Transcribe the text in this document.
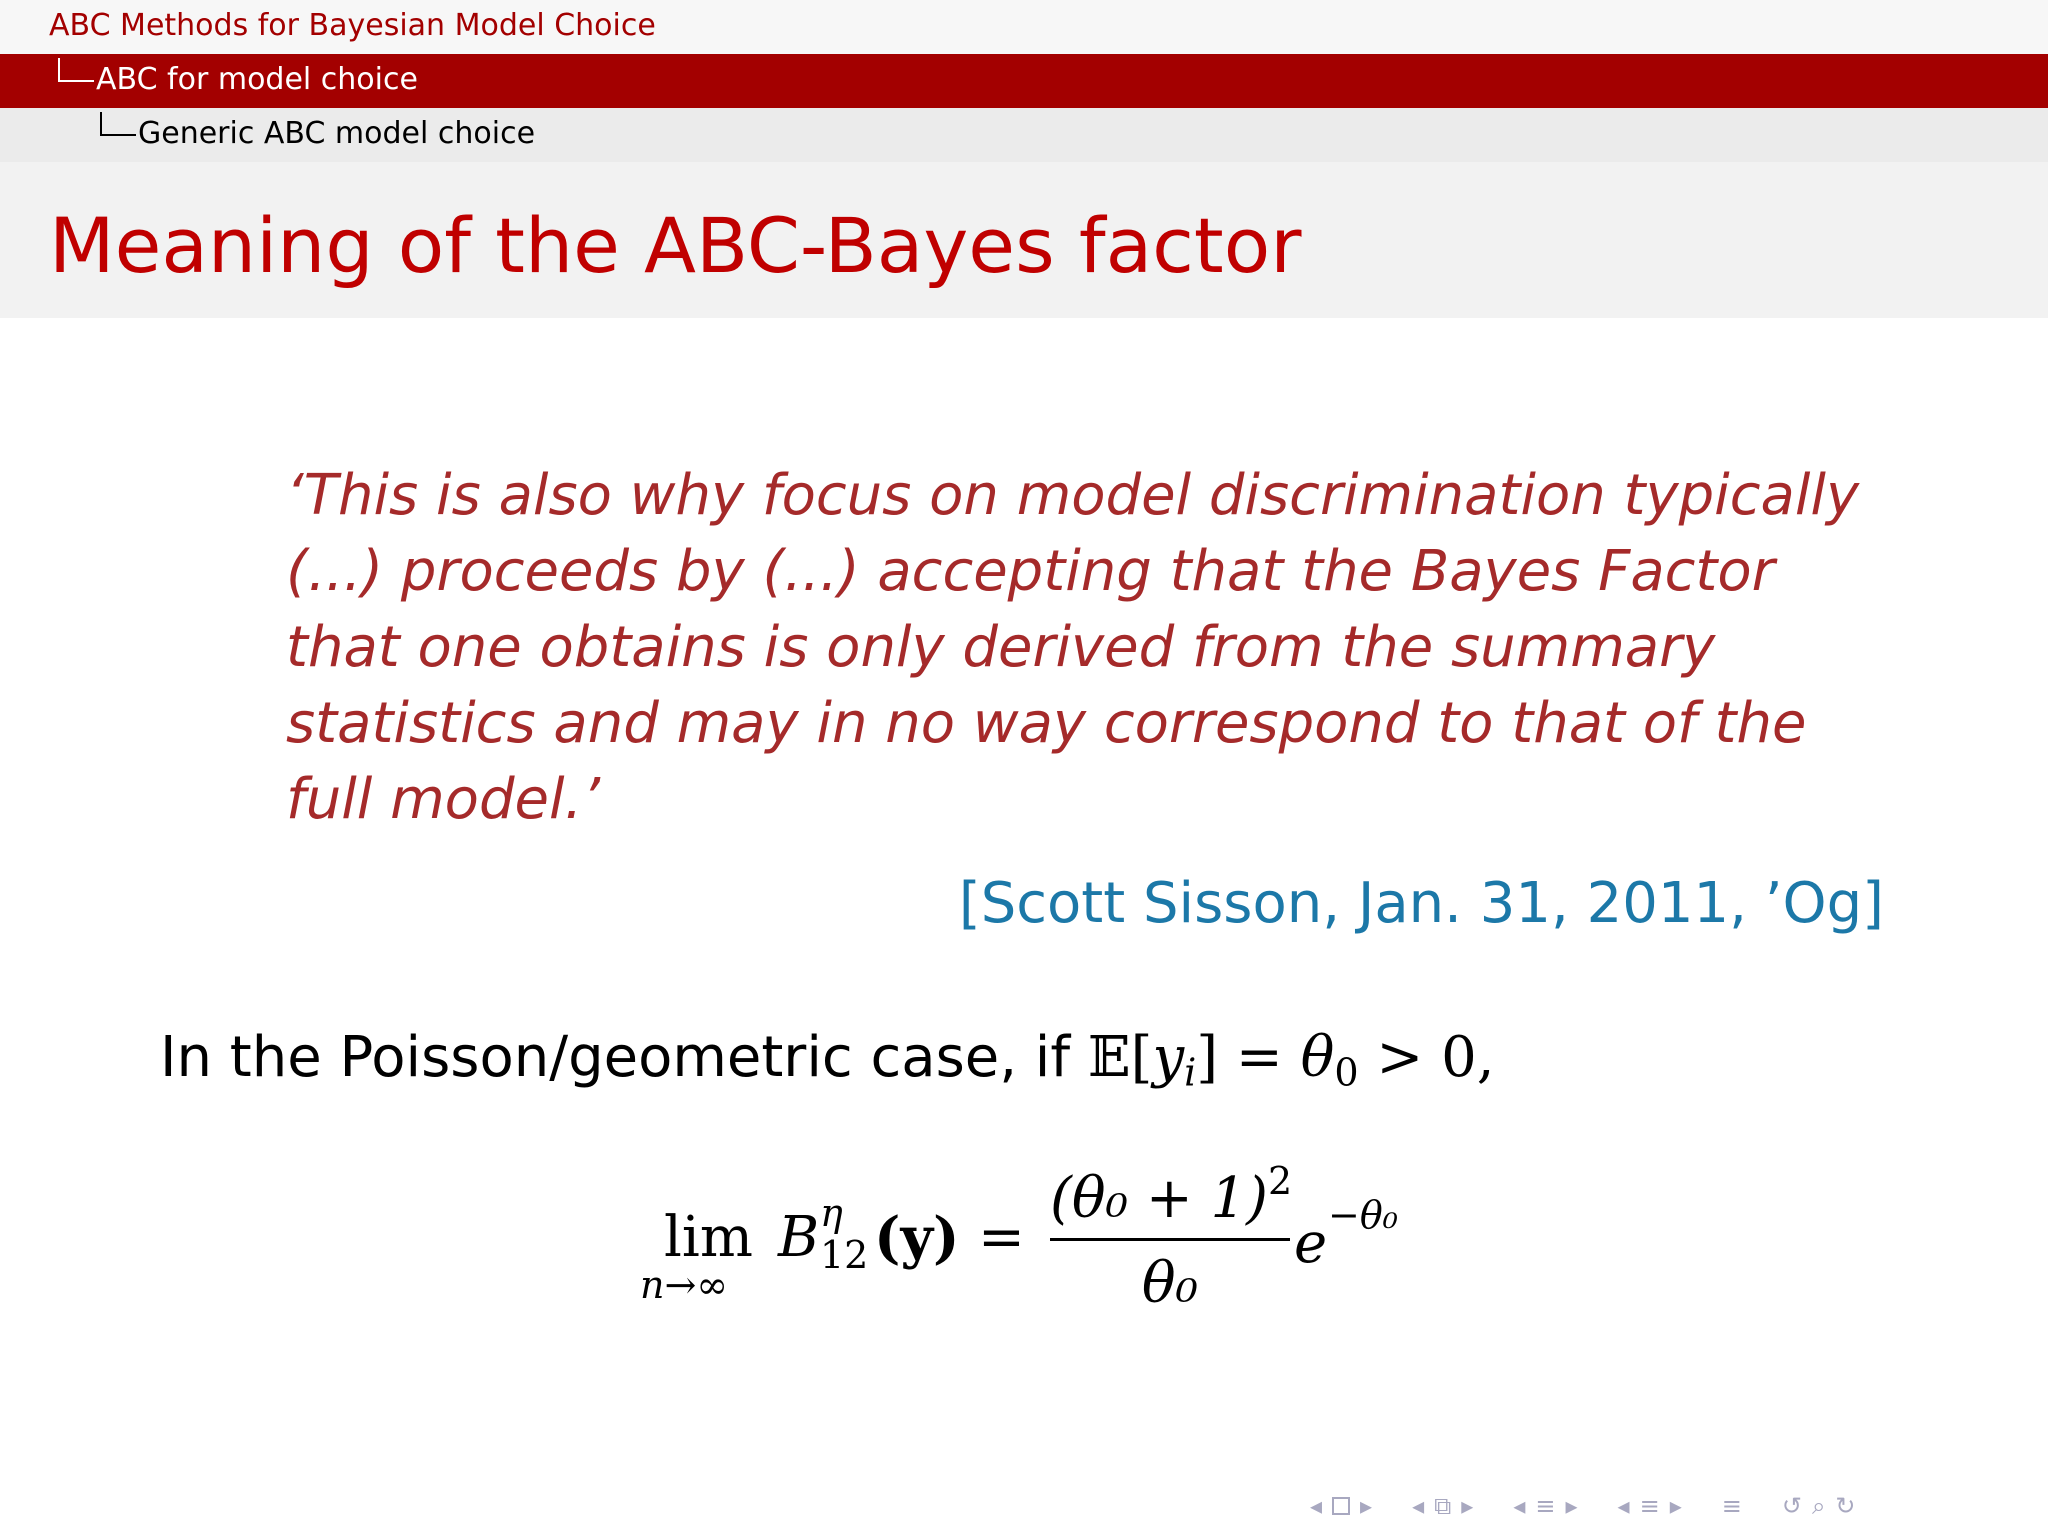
ABC Methods for Bayesian Model Choice
ABC for model choice
Generic ABC model choice
Meaning of the ABC-Bayes factor
‘This is also why focus on model discrimination typically
(...) proceeds by (...) accepting that the Bayes Factor
that one obtains is only derived from the summary
statistics and may in no way correspond to that of the
full model.’
[Scott Sisson, Jan. 31, 2011, ’Og]
In the Poisson/geometric case, if $𝔼[y_i] = \theta_0 > 0$,
lim
n→∞
B η
12 (y) =
$(\theta_0 + 1)^2$
θ₀
e −θ₀
◂ ▸ ◂ ⧉ ▸ ◂ ≡ ▸ ◂ ≡ ▸ ≡ ↺ ⌕ ↻
